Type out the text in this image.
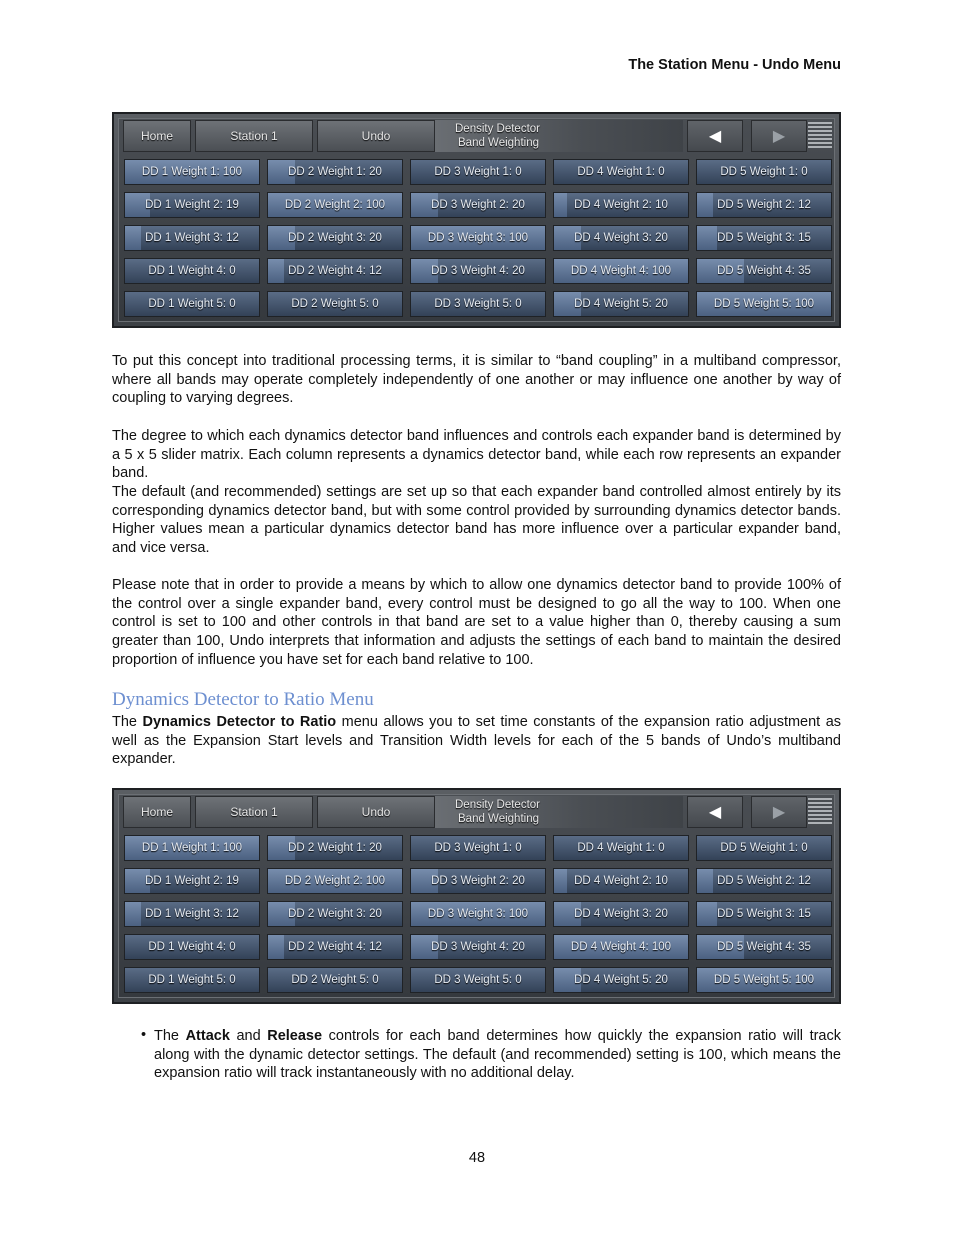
The Station Menu - Undo Menu
Home	Station 1	Undo	Density Detector
Band Weighting	◀	▶
DD 1 Weight 1: 100	DD 2 Weight 1: 20	DD 3 Weight 1: 0	DD 4 Weight 1: 0	DD 5 Weight 1: 0
DD 1 Weight 2: 19	DD 2 Weight 2: 100	DD 3 Weight 2: 20	DD 4 Weight 2: 10	DD 5 Weight 2: 12
DD 1 Weight 3: 12	DD 2 Weight 3: 20	DD 3 Weight 3: 100	DD 4 Weight 3: 20	DD 5 Weight 3: 15
DD 1 Weight 4: 0	DD 2 Weight 4: 12	DD 3 Weight 4: 20	DD 4 Weight 4: 100	DD 5 Weight 4: 35
DD 1 Weight 5: 0	DD 2 Weight 5: 0	DD 3 Weight 5: 0	DD 4 Weight 5: 20	DD 5 Weight 5: 100

To put this concept into traditional processing terms, it is similar to “band coupling” in a multiband compressor, where all bands may operate completely independently of one another or may influence one another by way of coupling to varying degrees.

The degree to which each dynamics detector band influences and controls each expander band is determined by a 5 x 5 slider matrix. Each column represents a dynamics detector band, while each row represents an expander band.

The default (and recommended) settings are set up so that each expander band controlled almost entirely by its corresponding dynamics detector band, but with some control provided by surrounding dynamics detector bands. Higher values mean a particular dynamics detector band has more influence over a particular expander band, and vice versa.

Please note that in order to provide a means by which to allow one dynamics detector band to provide 100% of the control over a single expander band, every control must be designed to go all the way to 100. When one control is set to 100 and other controls in that band are set to a value higher than 0, thereby causing a sum greater than 100, Undo interprets that information and adjusts the settings of each band to maintain the desired proportion of influence you have set for each band relative to 100.

Dynamics Detector to Ratio Menu

The Dynamics Detector to Ratio menu allows you to set time constants of the expansion ratio adjustment as well as the Expansion Start levels and Transition Width levels for each of the 5 bands of Undo’s multiband expander.

Home	Station 1	Undo	Density Detector
Band Weighting	◀	▶
DD 1 Weight 1: 100	DD 2 Weight 1: 20	DD 3 Weight 1: 0	DD 4 Weight 1: 0	DD 5 Weight 1: 0
DD 1 Weight 2: 19	DD 2 Weight 2: 100	DD 3 Weight 2: 20	DD 4 Weight 2: 10	DD 5 Weight 2: 12
DD 1 Weight 3: 12	DD 2 Weight 3: 20	DD 3 Weight 3: 100	DD 4 Weight 3: 20	DD 5 Weight 3: 15
DD 1 Weight 4: 0	DD 2 Weight 4: 12	DD 3 Weight 4: 20	DD 4 Weight 4: 100	DD 5 Weight 4: 35
DD 1 Weight 5: 0	DD 2 Weight 5: 0	DD 3 Weight 5: 0	DD 4 Weight 5: 20	DD 5 Weight 5: 100
• The Attack and Release controls for each band determines how quickly the expansion ratio will track along with the dynamic detector settings. The default (and recommended) setting is 100, which means the expansion ratio will track instantaneously with no additional delay.

48
